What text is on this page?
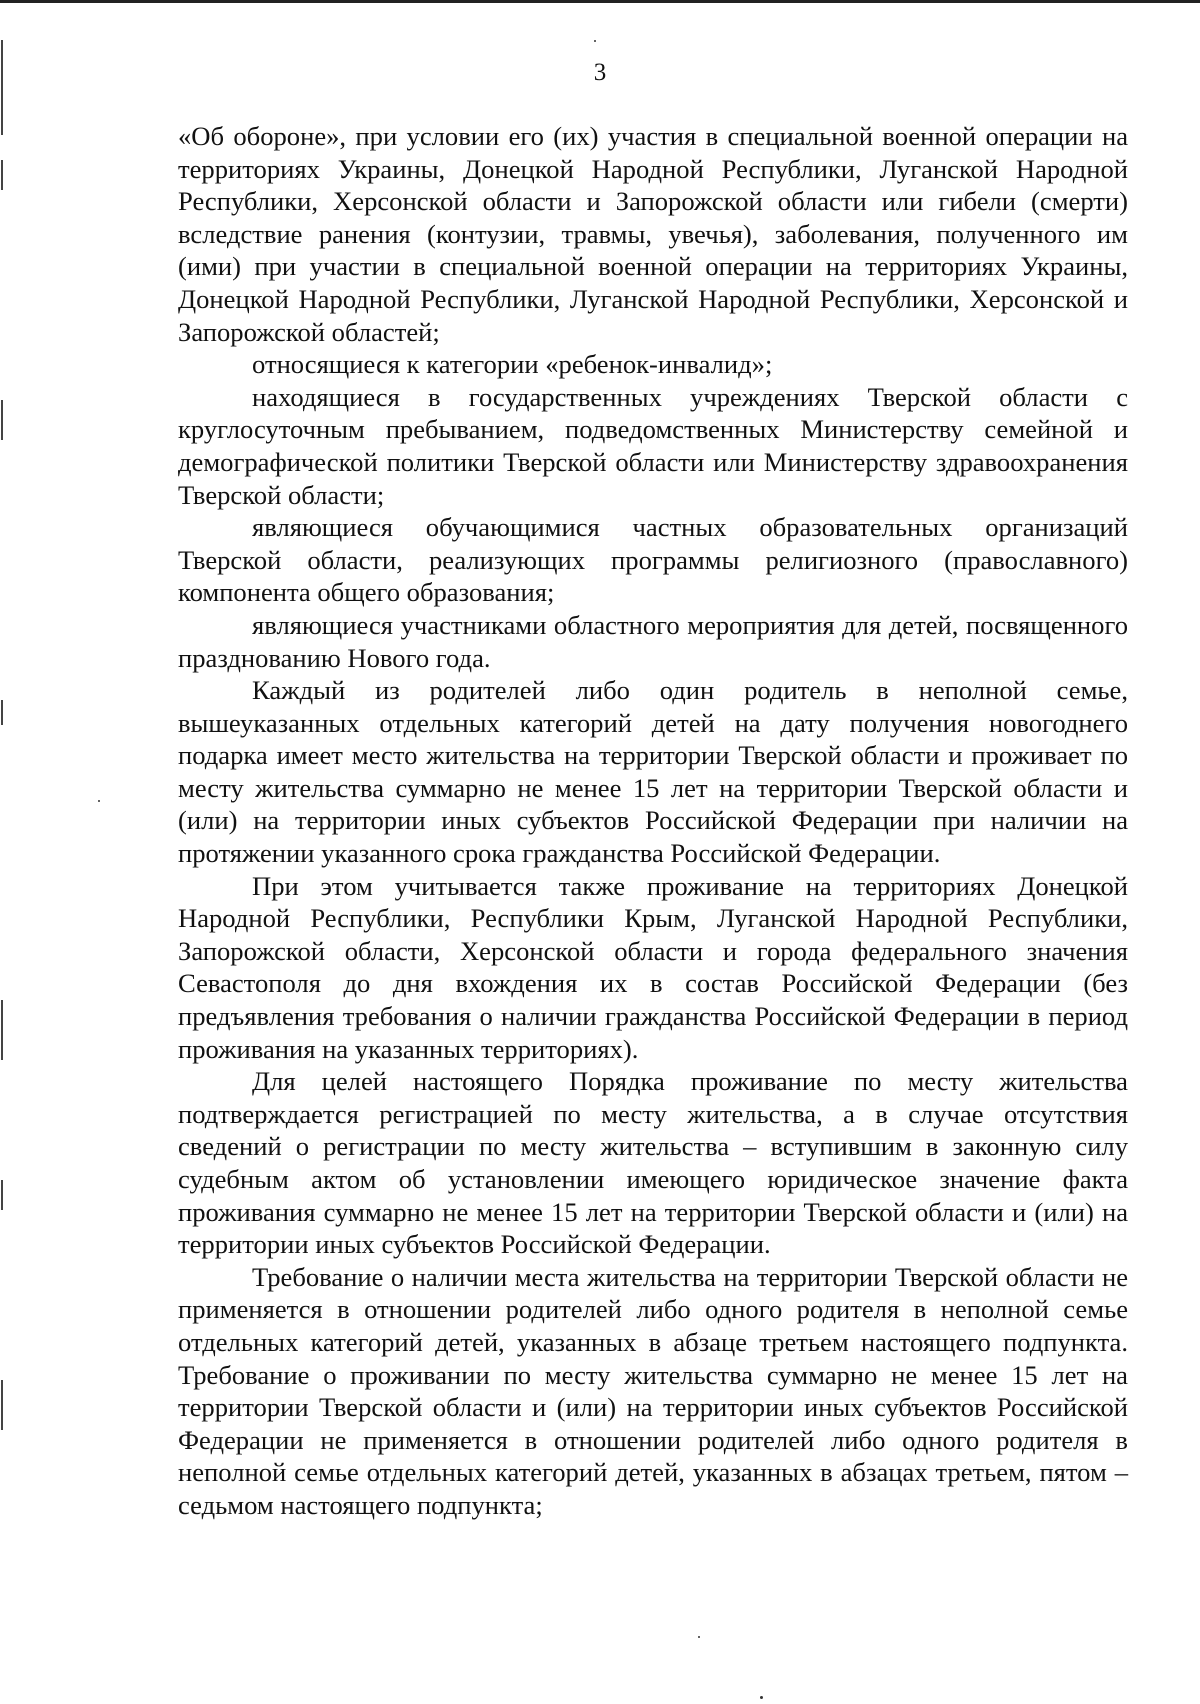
3

«Об обороне», при условии его (их) участия в специальной военной операции на территориях Украины, Донецкой Народной Республики, Луганской Народной Республики, Херсонской области и Запорожской области или гибели (смерти) вследствие ранения (контузии, травмы, увечья), заболевания, полученного им (ими) при участии в специальной военной операции на территориях Украины, Донецкой Народной Республики, Луганской Народной Республики, Херсонской и Запорожской областей;

относящиеся к категории «ребенок-инвалид»;

находящиеся в государственных учреждениях Тверской области с круглосуточным пребыванием, подведомственных Министерству семейной и демографической политики Тверской области или Министерству здравоохранения Тверской области;

являющиеся обучающимися частных образовательных организаций Тверской области, реализующих программы религиозного (православного) компонента общего образования;

являющиеся участниками областного мероприятия для детей, посвященного празднованию Нового года.

Каждый из родителей либо один родитель в неполной семье, вышеуказанных отдельных категорий детей на дату получения новогоднего подарка имеет место жительства на территории Тверской области и проживает по месту жительства суммарно не менее 15 лет на территории Тверской области и (или) на территории иных субъектов Российской Федерации при наличии на протяжении указанного срока гражданства Российской Федерации.

При этом учитывается также проживание на территориях Донецкой Народной Республики, Республики Крым, Луганской Народной Республики, Запорожской области, Херсонской области и города федерального значения Севастополя до дня вхождения их в состав Российской Федерации (без предъявления требования о наличии гражданства Российской Федерации в период проживания на указанных территориях).

Для целей настоящего Порядка проживание по месту жительства подтверждается регистрацией по месту жительства, а в случае отсутствия сведений о регистрации по месту жительства – вступившим в законную силу судебным актом об установлении имеющего юридическое значение факта проживания суммарно не менее 15 лет на территории Тверской области и (или) на территории иных субъектов Российской Федерации.

Требование о наличии места жительства на территории Тверской области не применяется в отношении родителей либо одного родителя в неполной семье отдельных категорий детей, указанных в абзаце третьем настоящего подпункта. Требование о проживании по месту жительства суммарно не менее 15 лет на территории Тверской области и (или) на территории иных субъектов Российской Федерации не применяется в отношении родителей либо одного родителя в неполной семье отдельных категорий детей, указанных в абзацах третьем, пятом – седьмом настоящего подпункта;
